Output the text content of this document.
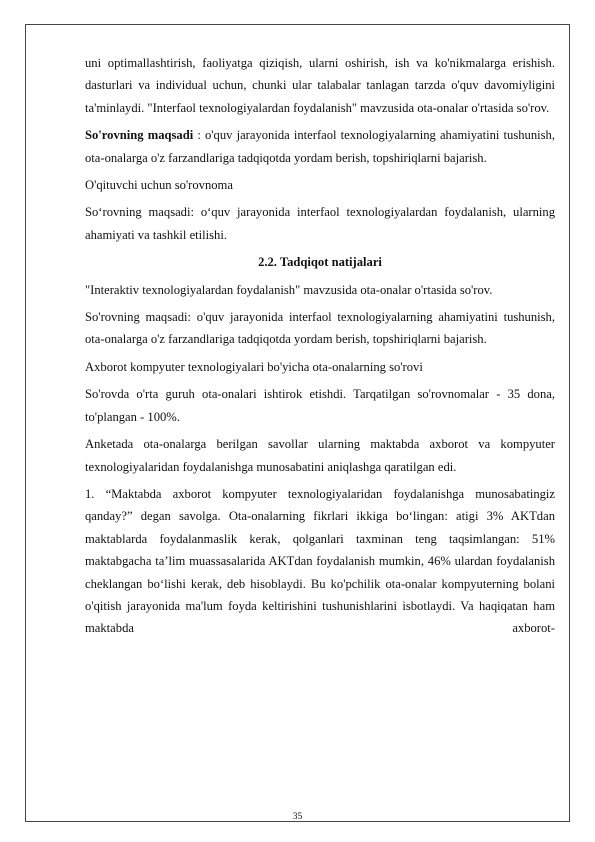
uni optimallashtirish, faoliyatga qiziqish, ularni oshirish, ish va ko'nikmalarga erishish. dasturlari va individual uchun, chunki ular talabalar tanlagan tarzda o'quv davomiyligini ta'minlaydi. "Interfaol texnologiyalardan foydalanish" mavzusida ota-onalar o'rtasida so'rov.

So'rovning maqsadi : o'quv jarayonida interfaol texnologiyalarning ahamiyatini tushunish, ota-onalarga o'z farzandlariga tadqiqotda yordam berish, topshiriqlarni bajarish.

O'qituvchi uchun so'rovnoma

So‘rovning maqsadi: o‘quv jarayonida interfaol texnologiyalardan foydalanish, ularning ahamiyati va tashkil etilishi.

2.2. Tadqiqot natijalari

"Interaktiv texnologiyalardan foydalanish" mavzusida ota-onalar o'rtasida so'rov.

So'rovning maqsadi: o'quv jarayonida interfaol texnologiyalarning ahamiyatini tushunish, ota-onalarga o'z farzandlariga tadqiqotda yordam berish, topshiriqlarni bajarish.

Axborot kompyuter texnologiyalari bo'yicha ota-onalarning so'rovi

So'rovda o'rta guruh ota-onalari ishtirok etishdi. Tarqatilgan so'rovnomalar - 35 dona, to'plangan - 100%.

Anketada ota-onalarga berilgan savollar ularning maktabda axborot va kompyuter texnologiyalaridan foydalanishga munosabatini aniqlashga qaratilgan edi.

1. “Maktabda axborot kompyuter texnologiyalaridan foydalanishga munosabatingiz qanday?” degan savolga. Ota-onalarning fikrlari ikkiga bo‘lingan: atigi 3% AKTdan maktablarda foydalanmaslik kerak, qolganlari taxminan teng taqsimlangan: 51% maktabgacha ta’lim muassasalarida AKTdan foydalanish mumkin, 46% ulardan foydalanish cheklangan bo‘lishi kerak, deb hisoblaydi. Bu ko'pchilik ota-onalar kompyuterning bolani o'qitish jarayonida ma'lum foyda keltirishini tushunishlarini isbotlaydi. Va haqiqatan ham maktabda axborot-

35
